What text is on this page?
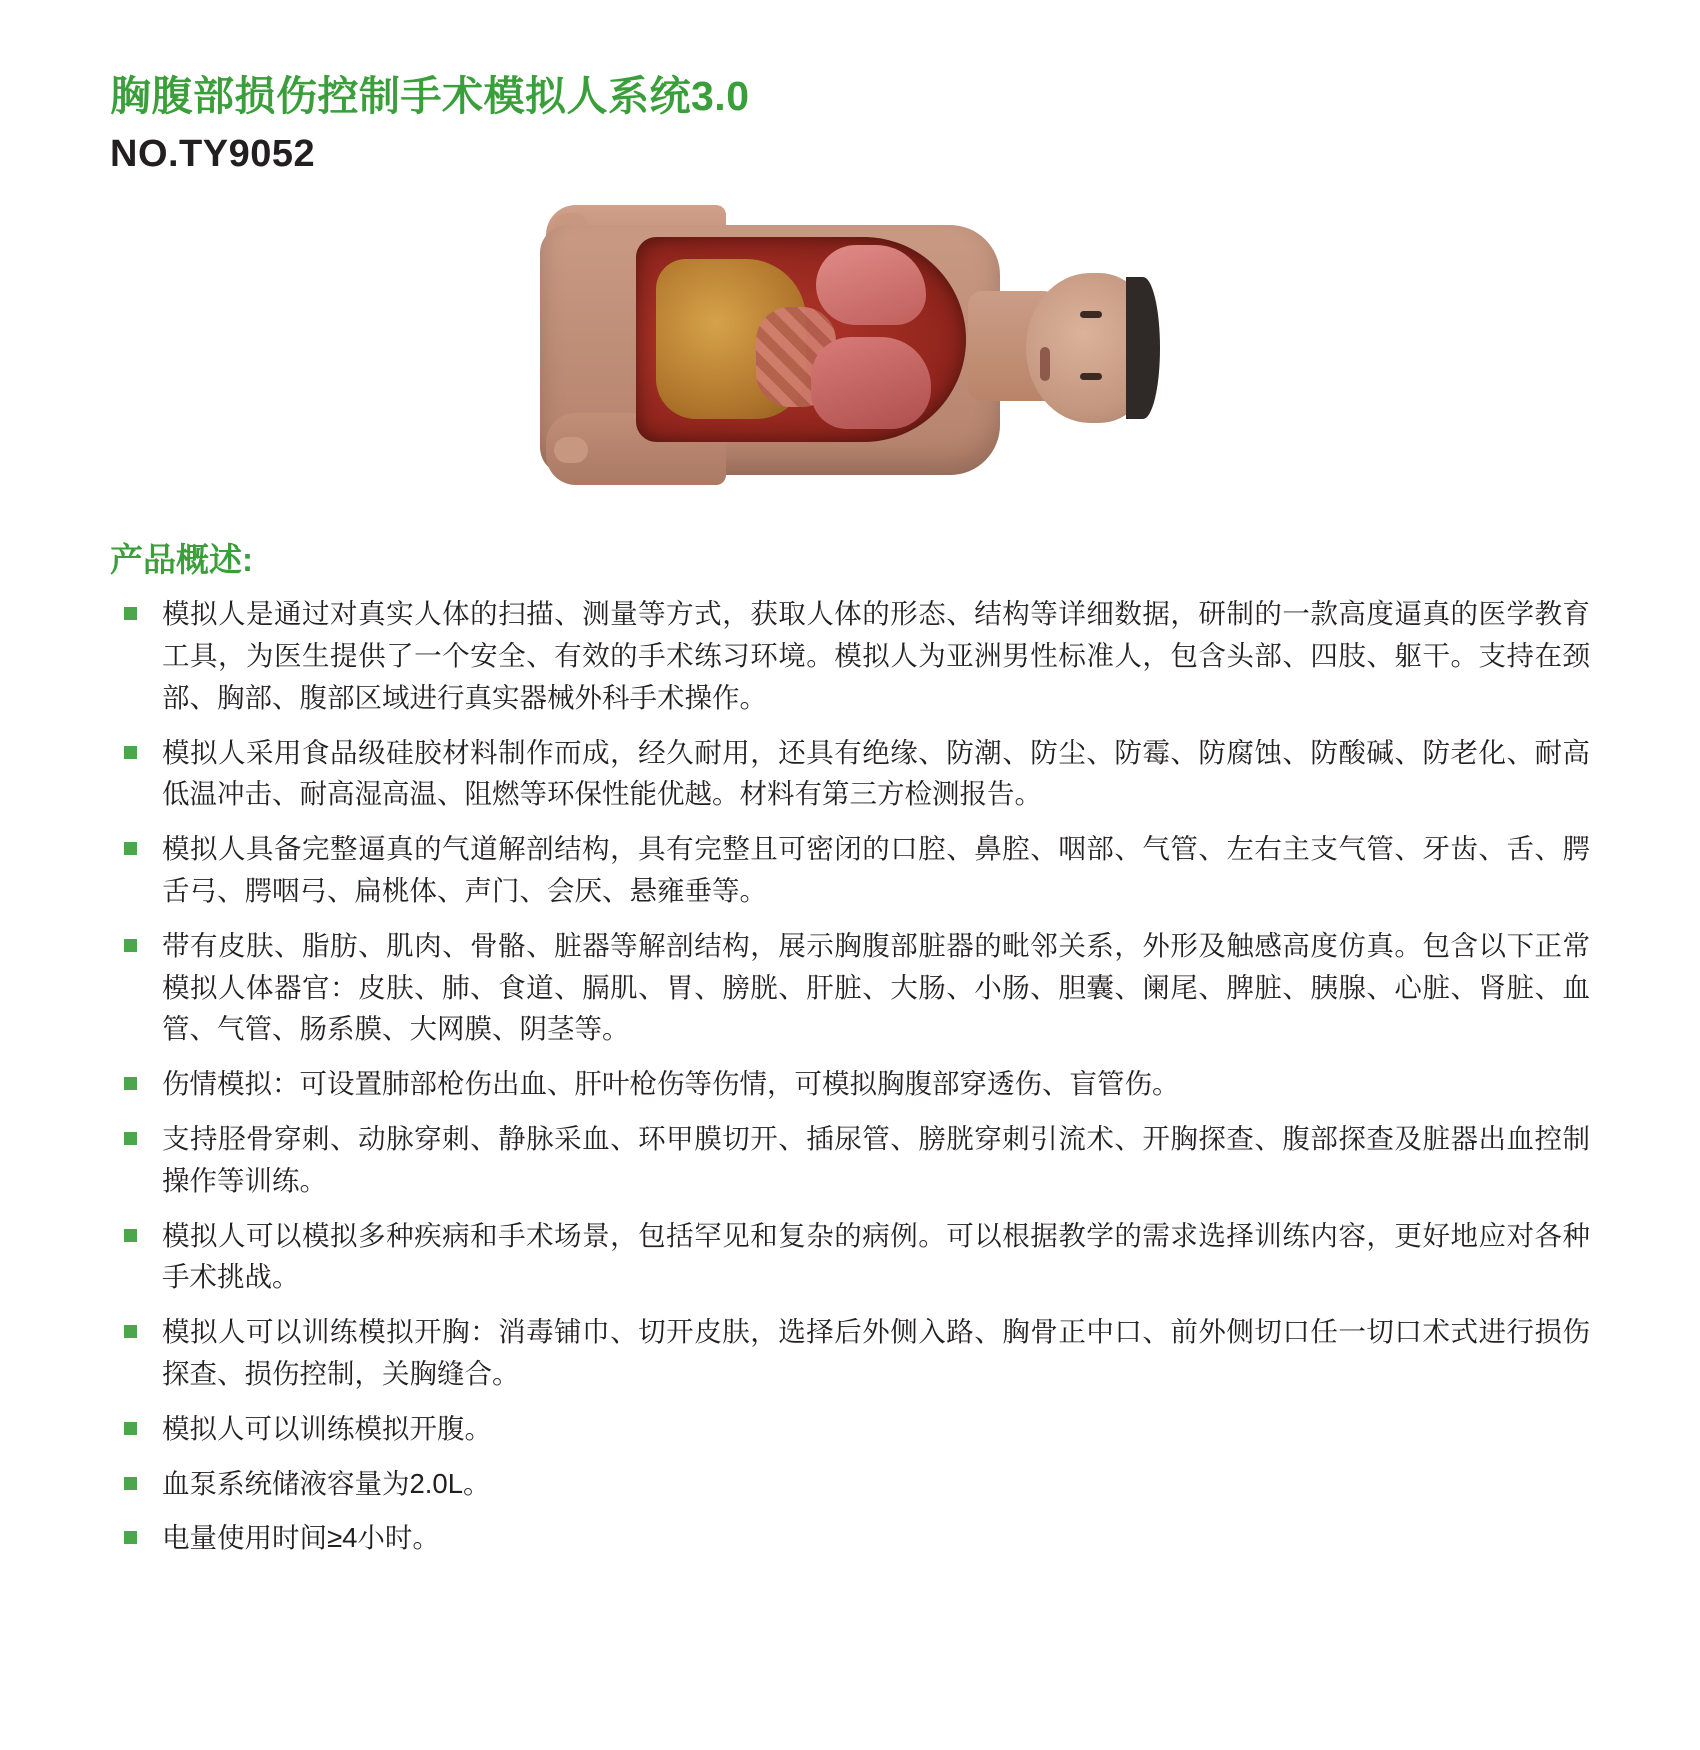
胸腹部损伤控制手术模拟人系统3.0
NO.TY9052
产品概述:
模拟人是通过对真实人体的扫描、测量等方式，获取人体的形态、结构等详细数据，研制的一款高度逼真的医学教育工具，为医生提供了一个安全、有效的手术练习环境。模拟人为亚洲男性标准人，包含头部、四肢、躯干。支持在颈部、胸部、腹部区域进行真实器械外科手术操作。
模拟人采用食品级硅胶材料制作而成，经久耐用，还具有绝缘、防潮、防尘、防霉、防腐蚀、防酸碱、防老化、耐高低温冲击、耐高湿高温、阻燃等环保性能优越。材料有第三方检测报告。
模拟人具备完整逼真的气道解剖结构，具有完整且可密闭的口腔、鼻腔、咽部、气管、左右主支气管、牙齿、舌、腭舌弓、腭咽弓、扁桃体、声门、会厌、悬雍垂等。
带有皮肤、脂肪、肌肉、骨骼、脏器等解剖结构，展示胸腹部脏器的毗邻关系，外形及触感高度仿真。包含以下正常模拟人体器官：皮肤、肺、食道、膈肌、胃、膀胱、肝脏、大肠、小肠、胆囊、阑尾、脾脏、胰腺、心脏、肾脏、血管、气管、肠系膜、大网膜、阴茎等。
伤情模拟：可设置肺部枪伤出血、肝叶枪伤等伤情，可模拟胸腹部穿透伤、盲管伤。
支持胫骨穿刺、动脉穿刺、静脉采血、环甲膜切开、插尿管、膀胱穿刺引流术、开胸探查、腹部探查及脏器出血控制操作等训练。
模拟人可以模拟多种疾病和手术场景，包括罕见和复杂的病例。可以根据教学的需求选择训练内容，更好地应对各种手术挑战。
模拟人可以训练模拟开胸：消毒铺巾、切开皮肤，选择后外侧入路、胸骨正中口、前外侧切口任一切口术式进行损伤探查、损伤控制，关胸缝合。
模拟人可以训练模拟开腹。
血泵系统储液容量为2.0L。
电量使用时间≥4小时。
